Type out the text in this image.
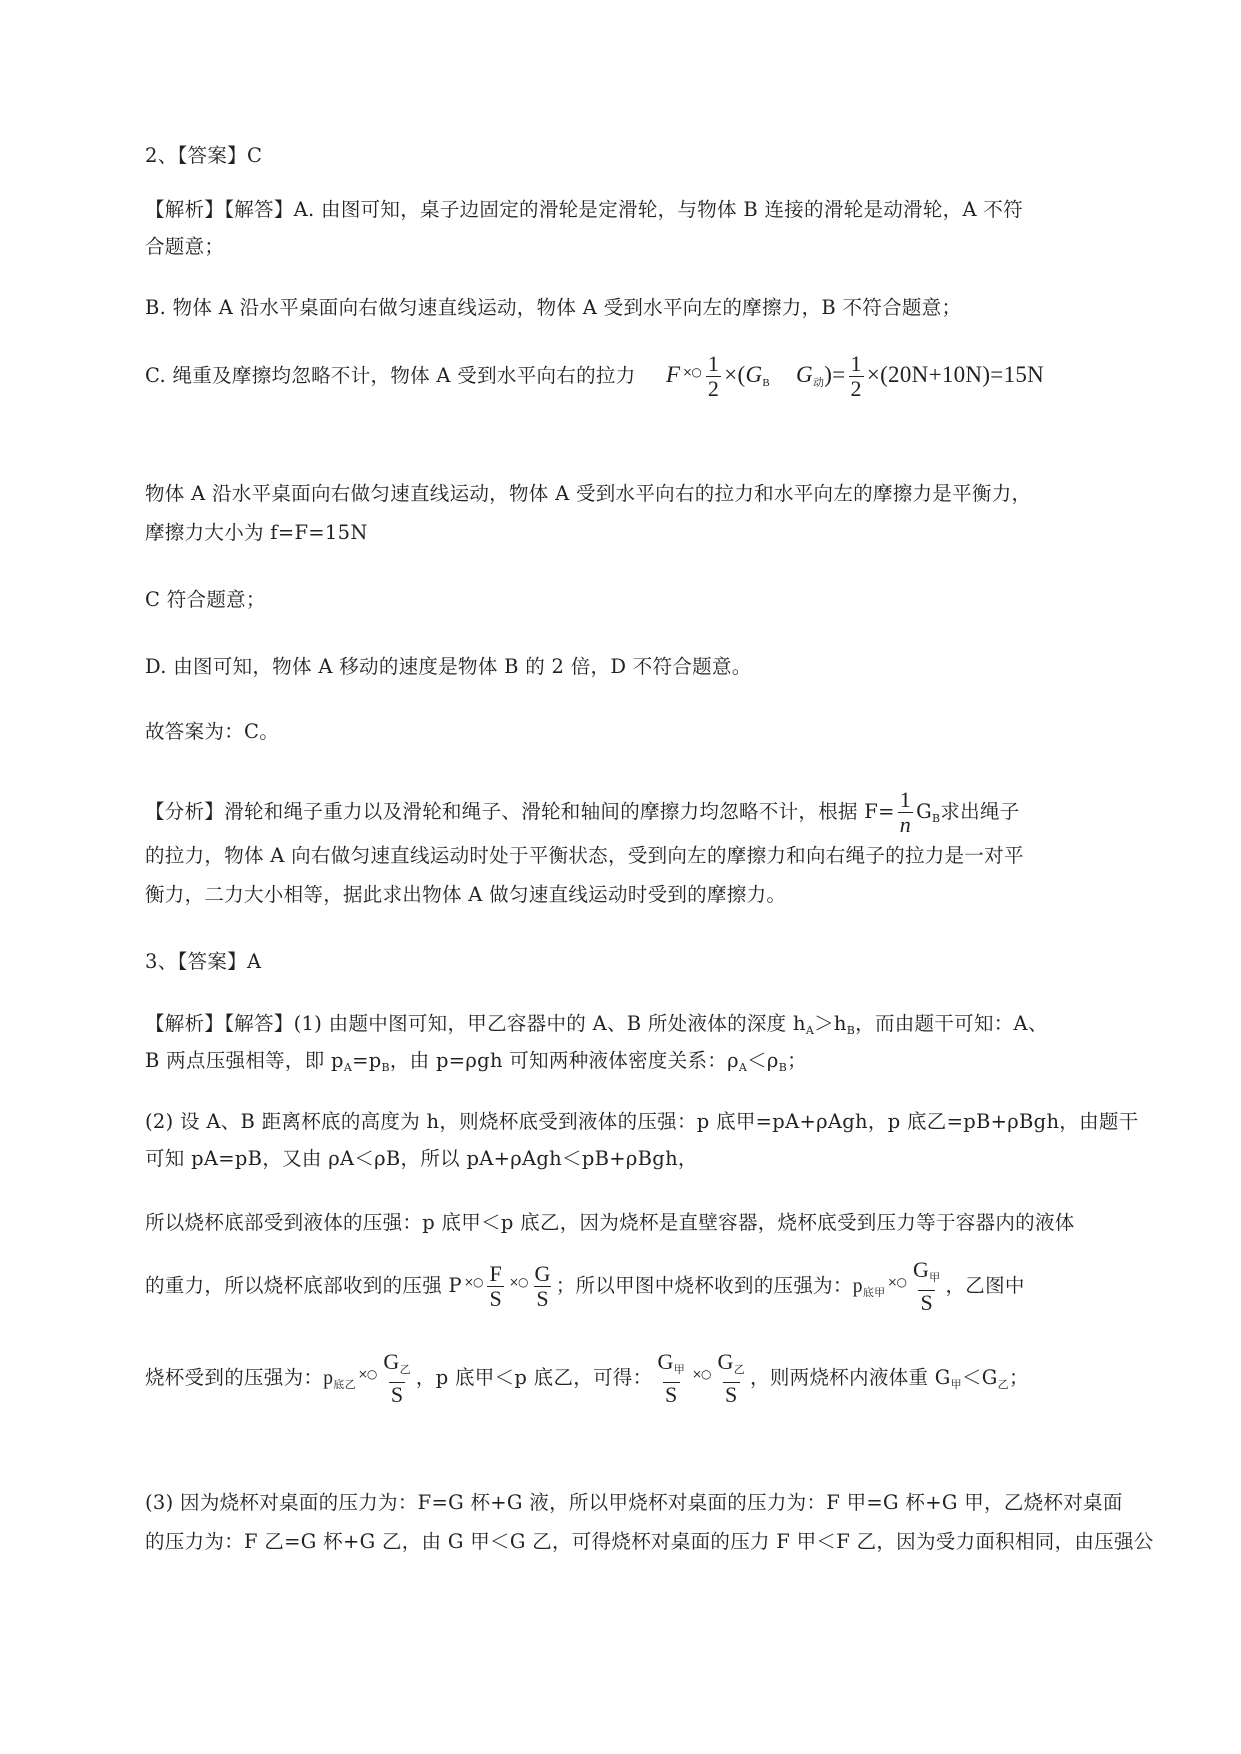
2、【答案】C
【解析】【解答】A. 由图可知，桌子边固定的滑轮是定滑轮，与物体 B 连接的滑轮是动滑轮，A 不符
合题意；
B. 物体 A 沿水平桌面向右做匀速直线运动，物体 A 受到水平向左的摩擦力，B 不符合题意；
C. 绳重及摩擦均忽略不计，物体 A 受到水平向右的拉力 F $^{\times○} \frac{1}{2} \times(G_B$ $G_动)= \frac{1}{2} \times(20N+10N)=15N$
物体 A 沿水平桌面向右做匀速直线运动，物体 A 受到水平向右的拉力和水平向左的摩擦力是平衡力，
摩擦力大小为 f=F=15N
C 符合题意；
D. 由图可知，物体 A 移动的速度是物体 B 的 2 倍，D 不符合题意。
故答案为：C。
【分析】滑轮和绳子重力以及滑轮和绳子、滑轮和轴间的摩擦力均忽略不计，根据 $F= \frac{1}{n} G_B$求出绳子
的拉力，物体 A 向右做匀速直线运动时处于平衡状态，受到向左的摩擦力和向右绳子的拉力是一对平
衡力，二力大小相等，据此求出物体 A 做匀速直线运动时受到的摩擦力。
3、【答案】A
【解析】【解答】(1) 由题中图可知，甲乙容器中的 A、B 所处液体的深度 $h_A>h_B$，而由题干可知：A、
B 两点压强相等，即 $p_A=p_B$，由 p=ρgh 可知两种液体密度关系：$\rho_A<\rho_B$；
(2) 设 A、B 距离杯底的高度为 h，则烧杯底受到液体的压强：p 底甲=pA+ρAgh，p 底乙=pB+ρBgh，由题干
可知 pA=pB，又由 ρA＜ρB，所以 pA+ρAgh＜pB+ρBgh，
所以烧杯底部受到液体的压强：p 底甲＜p 底乙，因为烧杯是直壁容器，烧杯底受到压力等于容器内的液体
的重力，所以烧杯底部收到的压强 P $^{\times○} \frac{F}{S} ^{\times○} \frac{G}{S}$ ；所以甲图中烧杯收到的压强为：$p_{底甲}^{\times○} \frac{G_甲}{S}$ ，乙图中
烧杯受到的压强为：$p_{底乙}^{\times○} \frac{G_乙}{S}$ ，p 底甲＜p 底乙，可得： $\frac{G_甲}{S} ^{\times○} \frac{G_乙}{S}$ ，则两烧杯内液体重 $G_甲<G_乙$；
(3) 因为烧杯对桌面的压力为：F=G 杯+G 液，所以甲烧杯对桌面的压力为：F 甲=G 杯+G 甲，乙烧杯对桌面
的压力为：F 乙=G 杯+G 乙，由 G 甲＜G 乙，可得烧杯对桌面的压力 F 甲＜F 乙，因为受力面积相同，由压强公
